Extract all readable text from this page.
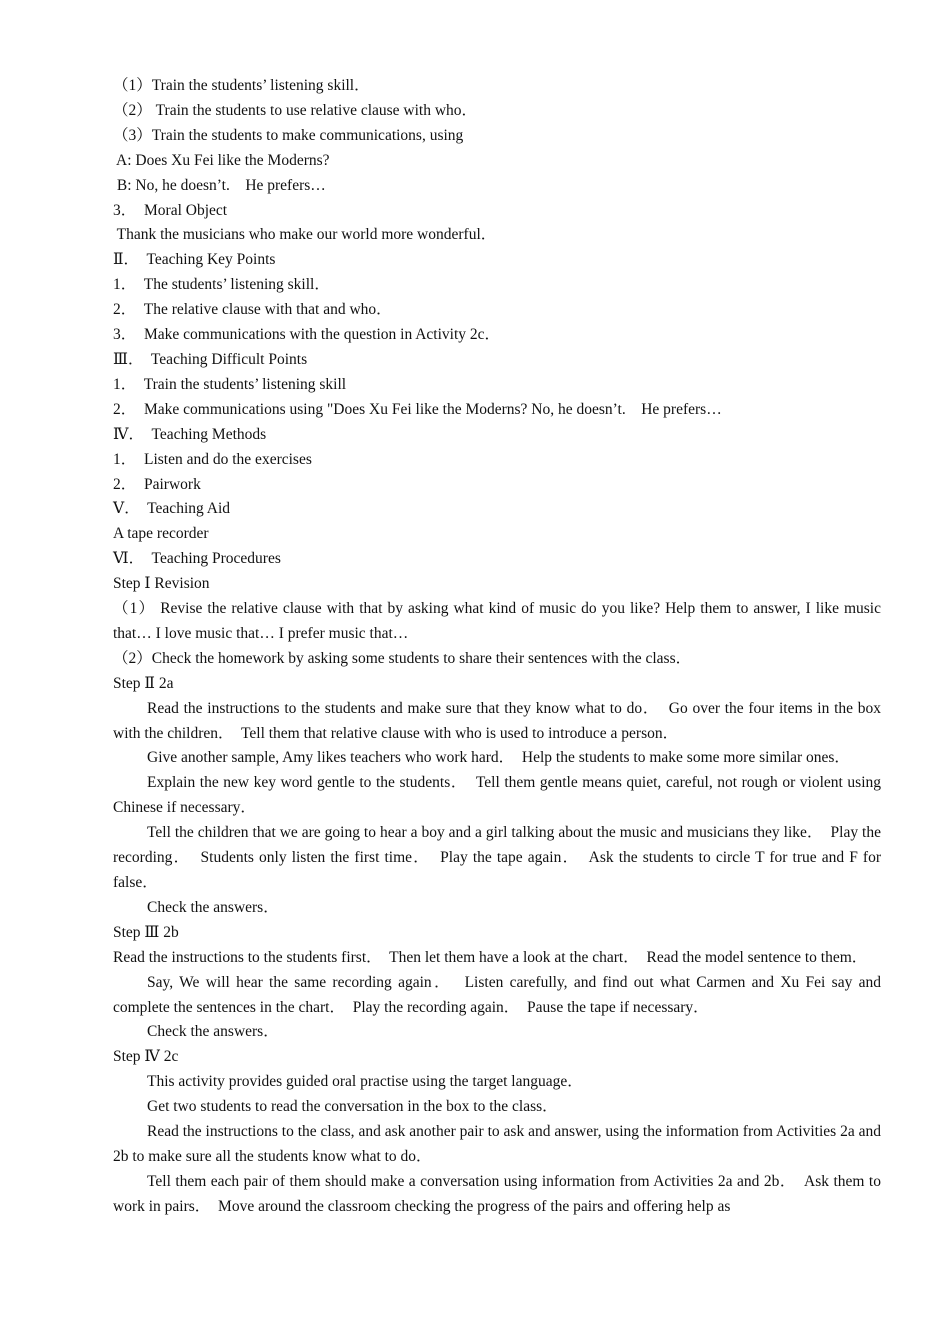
（1）Train the students’ listening skill．

（2） Train the students to use relative clause with who．

（3）Train the students to make communications, using

A: Does Xu Fei like the Moderns?

B: No, he doesn’t.　He prefers…

3．  Moral Object

Thank the musicians who make our world more wonderful．

Ⅱ．  Teaching Key Points

1．  The students’ listening skill．

2．  The relative clause with that and who．

3．  Make communications with the question in Activity 2c．

Ⅲ．  Teaching Difficult Points

1．  Train the students’ listening skill

2．  Make communications using "Does Xu Fei like the Moderns? No, he doesn’t.　He prefers…

Ⅳ．  Teaching Methods

1．  Listen and do the exercises

2．  Pairwork

Ⅴ．  Teaching Aid

A tape recorder

Ⅵ．  Teaching Procedures

Step Ⅰ Revision

（1） Revise the relative clause with that by asking what kind of music do you like? Help them to answer, I like music that… I love music that… I prefer music that…

（2）Check the homework by asking some students to share their sentences with the class．

Step Ⅱ 2a

Read the instructions to the students and make sure that they know what to do．  Go over the four items in the box with the children．  Tell them that relative clause with who is used to introduce a person．

Give another sample, Amy likes teachers who work hard．  Help the students to make some more similar ones．

Explain the new key word gentle to the students．  Tell them gentle means quiet, careful, not rough or violent using Chinese if necessary．

Tell the children that we are going to hear a boy and a girl talking about the music and musicians they like．  Play the recording．  Students only listen the first time．  Play the tape again．  Ask the students to circle T for true and F for false．

Check the answers．

Step Ⅲ 2b

Read the instructions to the students first．  Then let them have a look at the chart．  Read the model sentence to them．

Say, We will hear the same recording again．  Listen carefully, and find out what Carmen and Xu Fei say and complete the sentences in the chart．  Play the recording again．  Pause the tape if necessary．

Check the answers．

Step Ⅳ 2c

This activity provides guided oral practise using the target language．

Get two students to read the conversation in the box to the class．

Read the instructions to the class, and ask another pair to ask and answer, using the information from Activities 2a and 2b to make sure all the students know what to do．

Tell them each pair of them should make a conversation using information from Activities 2a and 2b．  Ask them to work in pairs．  Move around the classroom checking the progress of the pairs and offering help as
